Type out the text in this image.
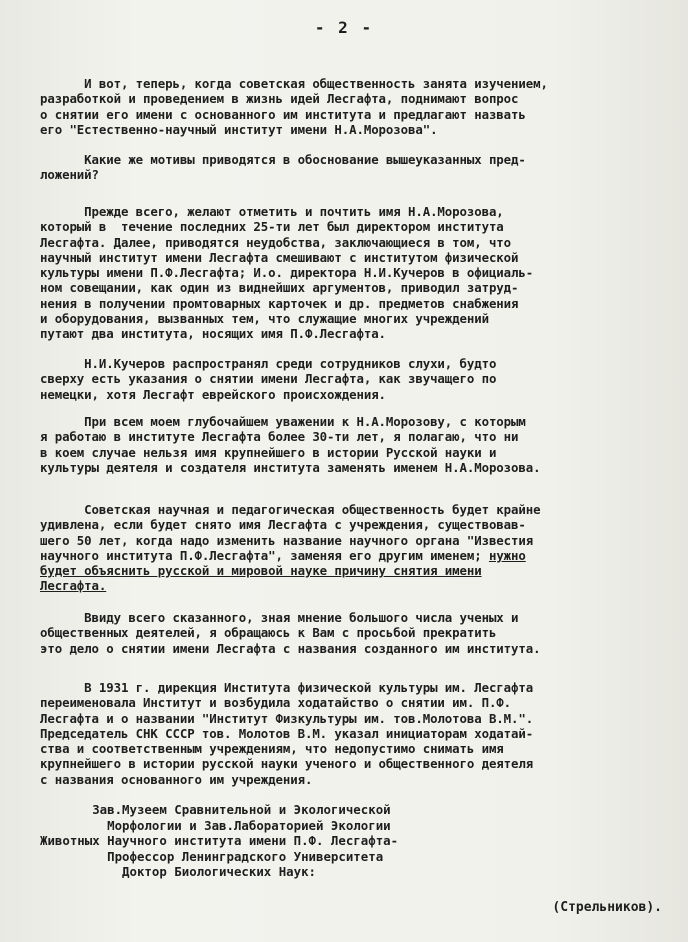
- 2 -

И вот, теперь, когда советская общественность занята изучением,
разработкой и проведением в жизнь идей Лесгафта, поднимают вопрос
о снятии его имени с основанного им института и предлагают назвать
его "Естественно-научный институт имени Н.А.Морозова".

Какие же мотивы приводятся в обоснование вышеуказанных пред-
ложений?

Прежде всего, желают отметить и почтить имя Н.А.Морозова,
который в  течение последних 25-ти лет был директором института
Лесгафта. Далее, приводятся неудобства, заключающиеся в том, что
научный институт имени Лесгафта смешивают с институтом физической
культуры имени П.Ф.Лесгафта; И.о. директора Н.И.Кучеров в официаль-
ном совещании, как один из виднейших аргументов, приводил затруд-
нения в получении промтоварных карточек и др. предметов снабжения
и оборудования, вызванных тем, что служащие многих учреждений
путают два института, носящих имя П.Ф.Лесгафта.

Н.И.Кучеров распространял среди сотрудников слухи, будто
сверху есть указания о снятии имени Лесгафта, как звучащего по
немецки, хотя Лесгафт еврейского происхождения.

При всем моем глубочайшем уважении к Н.А.Морозову, с которым
я работаю в институте Лесгафта более 30-ти лет, я полагаю, что ни
в коем случае нельзя имя крупнейшего в истории Русской науки и
культуры деятеля и создателя института заменять именем Н.А.Морозова.

Советская научная и педагогическая общественность будет крайне
удивлена, если будет снято имя Лесгафта с учреждения, существовав-
шего 50 лет, когда надо изменить название научного органа "Известия
научного института П.Ф.Лесгафта", заменяя его другим именем; нужно
будет объяснить русской и мировой науке причину снятия имени
Лесгафта.

Ввиду всего сказанного, зная мнение большого числа ученых и
общественных деятелей, я обращаюсь к Вам с просьбой прекратить
это дело о снятии имени Лесгафта с названия созданного им института.

В 1931 г. дирекция Института физической культуры им. Лесгафта
переименовала Институт и возбудила ходатайство о снятии им. П.Ф.
Лесгафта и о названии "Институт Физкультуры им. тов.Молотова В.М.".
Председатель СНК СССР тов. Молотов В.М. указал инициаторам ходатай-
ства и соответственным учреждениям, что недопустимо снимать имя
крупнейшего в истории русской науки ученого и общественного деятеля
с названия основанного им учреждения.

Зав.Музеем Сравнительной и Экологической
Морфологии и Зав.Лабораторией Экологии
Животных Научного института имени П.Ф. Лесгафта-
Профессор Ленинградского Университета
Доктор Биологических Наук:

(Стрельников).
